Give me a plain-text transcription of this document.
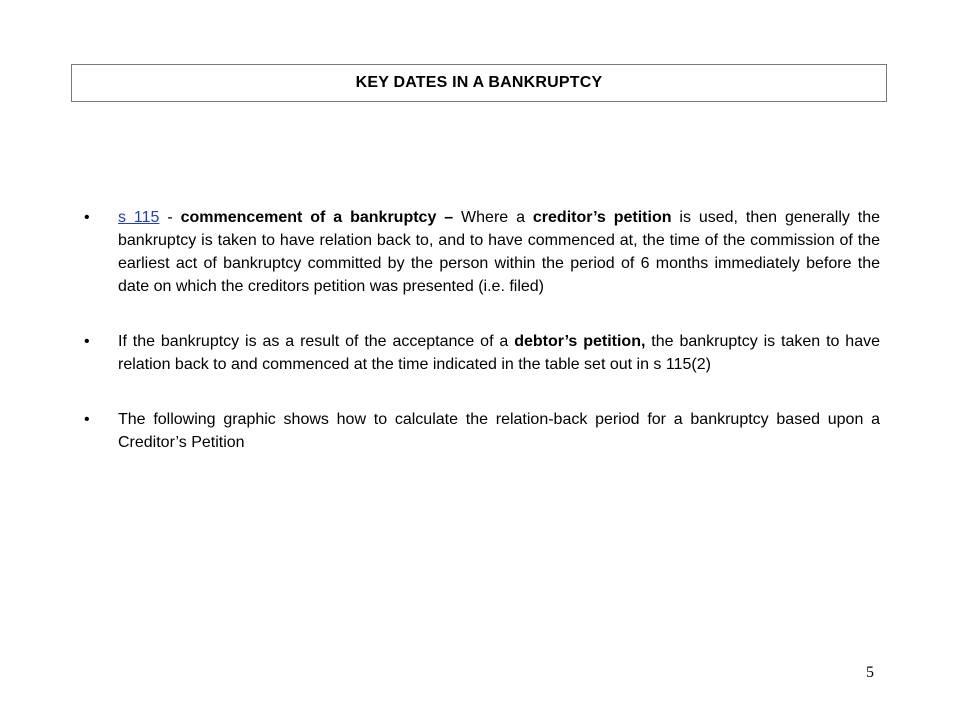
KEY DATES IN A BANKRUPTCY
• s 115 - commencement of a bankruptcy – Where a creditor’s petition is used, then generally the bankruptcy is taken to have relation back to, and to have commenced at, the time of the commission of the earliest act of bankruptcy committed by the person within the period of 6 months immediately before the date on which the creditors petition was presented (i.e. filed)
• If the bankruptcy is as a result of the acceptance of a debtor’s petition, the bankruptcy is taken to have relation back to and commenced at the time indicated in the table set out in s 115(2)
• The following graphic shows how to calculate the relation-back period for a bankruptcy based upon a Creditor’s Petition
5
